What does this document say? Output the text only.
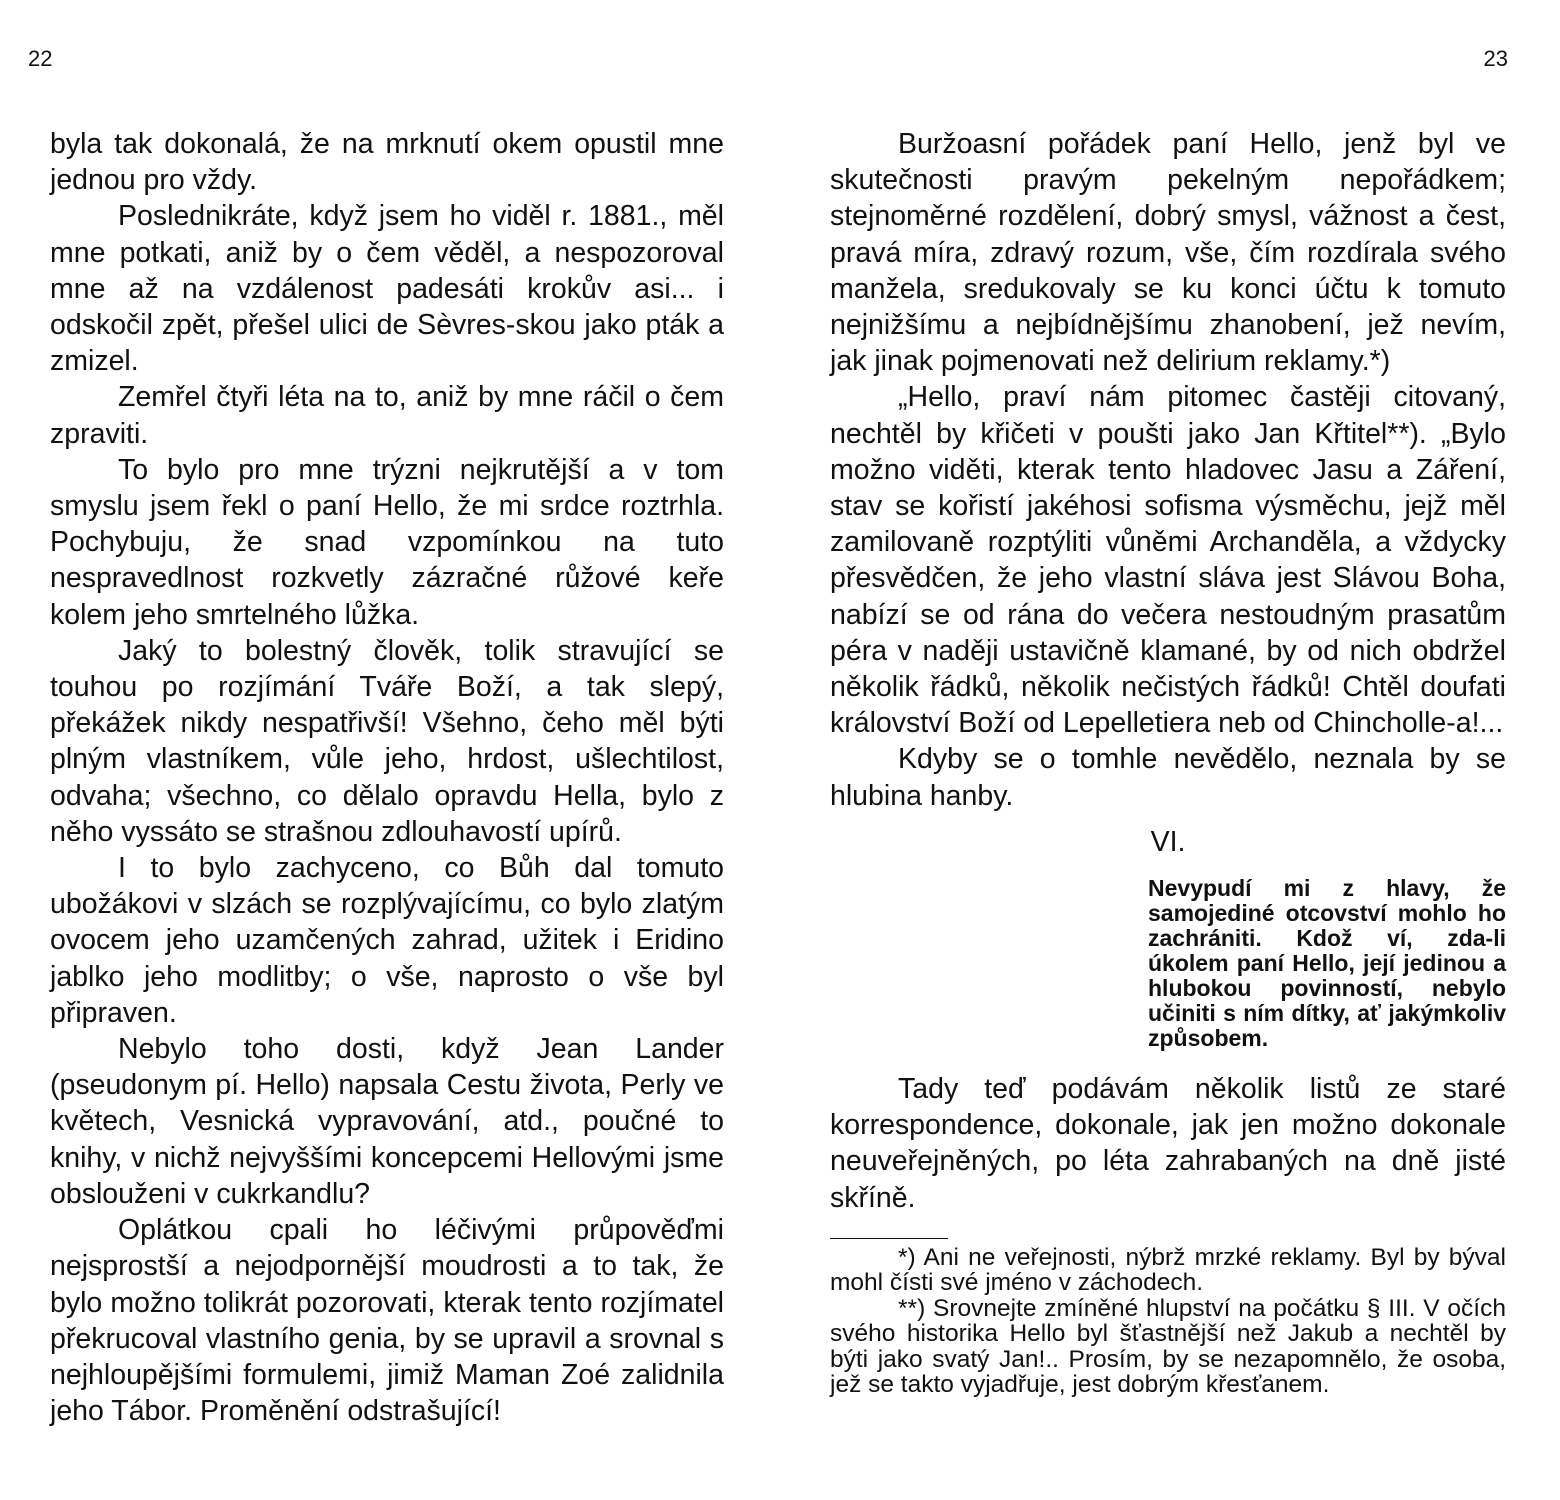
22

byla tak dokonalá, že na mrknutí okem opustil mne jednou pro vždy.

Poslednikráte, když jsem ho viděl r. 1881., měl mne potkati, aniž by o čem věděl, a nespozoroval mne až na vzdálenost padesáti krokův asi... i odskočil zpět, přešel ulici de Sèvres-skou jako pták a zmizel.

Zemřel čtyři léta na to, aniž by mne ráčil o čem zpraviti.

To bylo pro mne trýzni nejkrutější a v tom smyslu jsem řekl o paní Hello, že mi srdce roztrhla. Pochybuju, že snad vzpomínkou na tuto nespravedlnost rozkvetly zázračné růžové keře kolem jeho smrtelného lůžka.

Jaký to bolestný člověk, tolik stravující se touhou po rozjímání Tváře Boží, a tak slepý, překážek nikdy nespatřivší! Všehno, čeho měl býti plným vlastníkem, vůle jeho, hrdost, ušlechtilost, odvaha; všechno, co dělalo opravdu Hella, bylo z něho vyssáto se strašnou zdlouhavostí upírů.

I to bylo zachyceno, co Bůh dal tomuto ubožákovi v slzách se rozplývajícímu, co bylo zlatým ovocem jeho uzamčených zahrad, užitek i Eridino jablko jeho modlitby; o vše, naprosto o vše byl připraven.

Nebylo toho dosti, když Jean Lander (pseudonym pí. Hello) napsala Cestu života, Perly ve květech, Vesnická vypravování, atd., poučné to knihy, v nichž nejvyššími koncepcemi Hellovými jsme obslouženi v cukrkandlu?

Oplátkou cpali ho léčivými průpověďmi nejsprostší a nejodpornější moudrosti a to tak, že bylo možno tolikrát pozorovati, kterak tento rozjímatel překrucoval vlastního genia, by se upravil a srovnal s nejhloupějšími formulemi, jimiž Maman Zoé zalidnila jeho Tábor. Proměnění odstrašující!

23

Buržoasní pořádek paní Hello, jenž byl ve skutečnosti pravým pekelným nepořádkem; stejnoměrné rozdělení, dobrý smysl, vážnost a čest, pravá míra, zdravý rozum, vše, čím rozdírala svého manžela, sredukovaly se ku konci účtu k tomuto nejnižšímu a nejbídnějšímu zhanobení, jež nevím, jak jinak pojmenovati než delirium reklamy.*)

„Hello, praví nám pitomec častěji citovaný, nechtěl by křičeti v poušti jako Jan Křtitel**). „Bylo možno viděti, kterak tento hladovec Jasu a Záření, stav se kořistí jakéhosi sofisma výsměchu, jejž měl zamilovaně rozptýliti vůněmi Archanděla, a vždycky přesvědčen, že jeho vlastní sláva jest Slávou Boha, nabízí se od rána do večera nestoudným prasatům péra v naději ustavičně klamané, by od nich obdržel několik řádků, několik nečistých řádků! Chtěl doufati království Boží od Lepelletiera neb od Chincholle-a!...

Kdyby se o tomhle nevědělo, neznala by se hlubina hanby.

VI.

Nevypudí mi z hlavy, že samojediné otcovství mohlo ho zachrániti. Kdož ví, zda-li úkolem paní Hello, její jedinou a hlubokou povinností, nebylo učiniti s ním dítky, ať jakýmkoliv způsobem.

Tady teď podávám několik listů ze staré korrespondence, dokonale, jak jen možno dokonale neuveřejněných, po léta zahrabaných na dně jisté skříně.

*) Ani ne veřejnosti, nýbrž mrzké reklamy. Byl by býval mohl čísti své jméno v záchodech.

**) Srovnejte zmíněné hlupství na počátku § III. V očích svého historika Hello byl šťastnější než Jakub a nechtěl by býti jako svatý Jan!.. Prosím, by se nezapomnělo, že osoba, jež se takto vyjadřuje, jest dobrým křesťanem.
